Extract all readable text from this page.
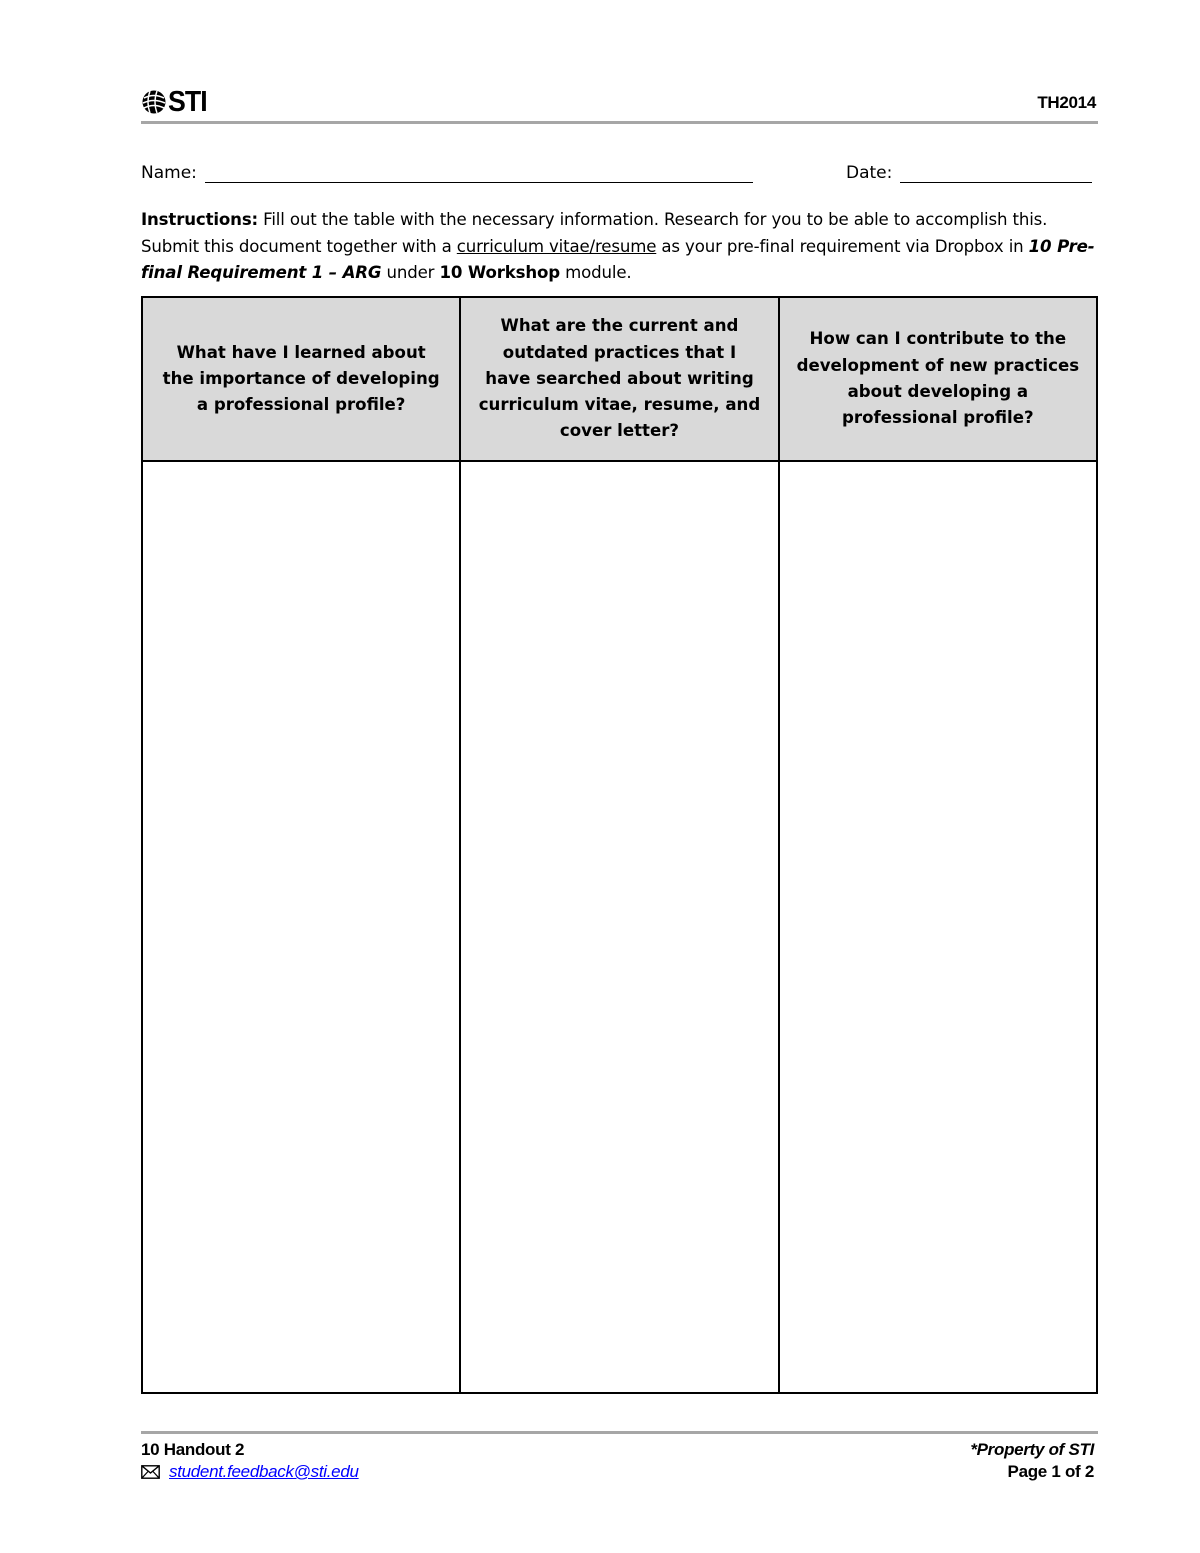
STI	TH2014
Name:	Date:
Instructions: Fill out the table with the necessary information. Research for you to be able to accomplish this. Submit this document together with a curriculum vitae/resume as your pre-final requirement via Dropbox in 10 Pre-final Requirement 1 – ARG under 10 Workshop module.
What have I learned about the importance of developing a professional profile?	What are the current and outdated practices that I have searched about writing curriculum vitae, resume, and cover letter?	How can I contribute to the development of new practices about developing a professional profile?

10 Handout 2
student.feedback@sti.edu
*Property of STI
Page 1 of 2
